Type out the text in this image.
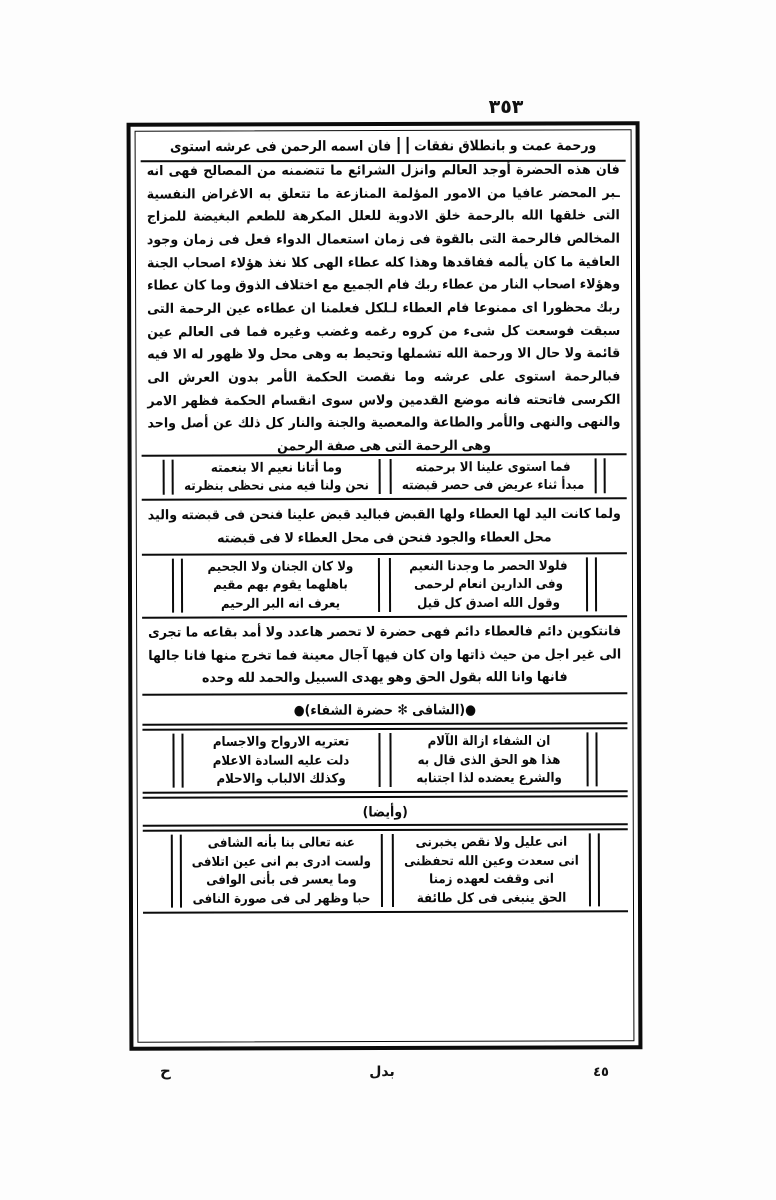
٣٥٣
ورحمة عمت و بانطلاق نفقات
فان اسمه الرحمن فى عرشه استوى

فان هذه الحضرة أوجد العالم وانزل الشرائع ما تتضمنه من المصالح فهى انه ـبر المحضر عافيا من الامور المؤلمة المنازعة ما تتعلق به الاغراض النفسية التى خلقها الله بالرحمة خلق الادوية للعلل المكرهة للطعم البغيضة للمزاج المخالص فالرحمة التى بالقوة فى زمان استعمال الدواء فعل فى زمان وجود العافية ما كان يألمه ففاقدها وهذا كله عطاء الهى كلا نغذ هؤلاء اصحاب الجنة وهؤلاء اصحاب النار من عطاء ربك فام الجميع مع اختلاف الذوق وما كان عطاء ربك محظورا اى ممنوعا فام العطاء لـلكل فعلمنا ان عطاءه عين الرحمة التى سبقت فوسعت كل شىء من كروه رغمه وغضب وغيره فما فى العالم عين قائمة ولا حال الا ورحمة الله تشملها وتحيط به وهى محل ولا ظهور له الا فيه فبالرحمة استوى على عرشه وما نقصت الحكمة الأمر بدون العرش الى الكرسى فاتحته فانه موضع القدمين ولاس سوى انقسام الحكمة فظهر الامر والنهى والنهى والأمر والطاعة والمعصية والجنة والنار كل ذلك عن أصل واحد وهى الرحمة التى هى صفة الرحمن

فما استوى علينا الا برحمته
مبدأ ثناء عريض فى حصر قبضته
وما أتانا نعيم الا بنعمته
نحن ولنا فيه منى نحظى بنظرته

ولما كانت اليد لها العطاء ولها القبض فباليد قبض علينا فنحن فى قبضته واليد محل العطاء والجود فنحن فى محل العطاء لا فى قبضته

فلولا الحصر ما وجدنا النعيم
وفى الدارين انعام لرحمى
وقول الله اصدق كل قيل
ولا كان الجنان ولا الجحيم
باهلهما يقوم بهم مقيم
يعرف انه البر الرحيم

فانتكوين دائم فالعطاء دائم فهى حضرة لا تحصر هاعدد ولا أمد بقاعه ما تجرى الى غير اجل من حيث ذاتها وان كان فيها آجال معينة فما تخرج منها فانا جالها فانها وانا الله بقول الحق وهو يهدى السبيل والحمد لله وحده

●(الشافى ✻ حضرة الشفاء)●
ان الشفاء ازالة الآلام
هذا هو الحق الذى قال به
والشرع يعضده لذا اجتنابه
تعتريه الارواح والاجسام
دلت عليه السادة الاعلام
وكذلك الالباب والاحلام
(وأيضا)
انى عليل ولا نقص يخبرنى
انى سعدت وعين الله تحفظنى
انى وقفت لعهده زمنا
الحق ينبغى فى كل طائفة
عنه تعالى بنا بأنه الشافى
ولست ادرى بم انى عين اتلافى
وما يعسر فى بأنى الوافى
حبا وظهر لى فى صورة النافى
٤٥
بدل
ح
